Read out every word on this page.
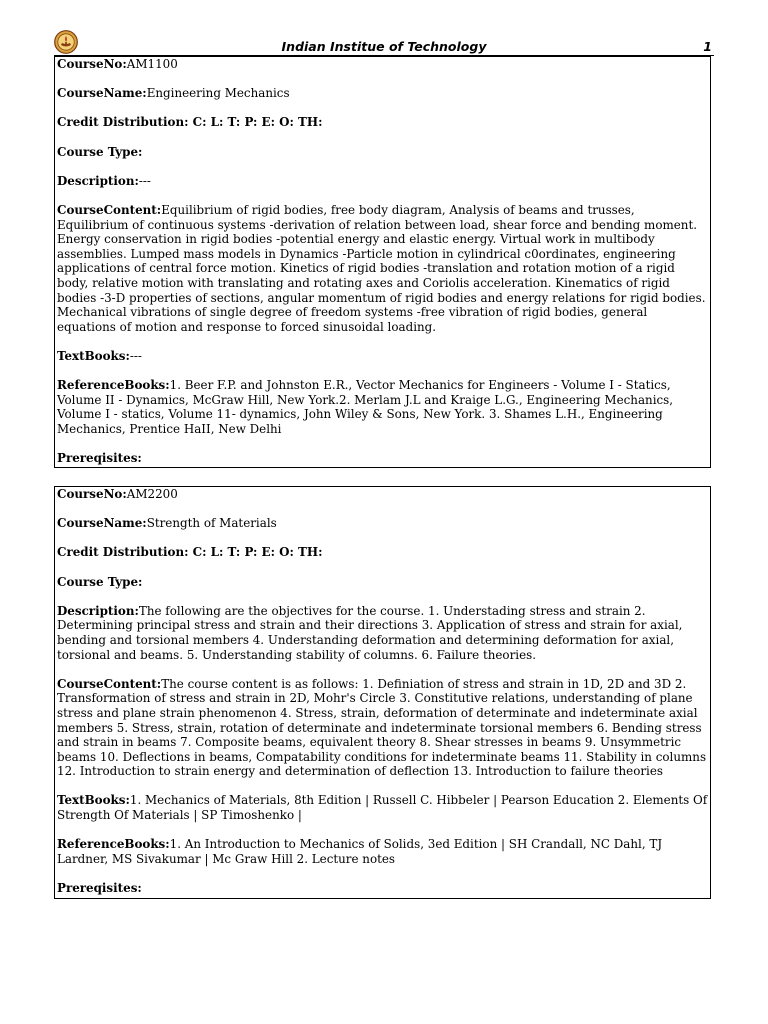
Indian Institue of Technology	1

CourseNo:AM1100

CourseName:Engineering Mechanics

Credit Distribution: C: L: T: P: E: O: TH:

Course Type:

Description:---

CourseContent:Equilibrium of rigid bodies, free body diagram, Analysis of beams and trusses, Equilibrium of continuous systems -derivation of relation between load, shear force and bending moment. Energy conservation in rigid bodies -potential energy and elastic energy. Virtual work in multibody assemblies. Lumped mass models in Dynamics -Particle motion in cylindrical c0ordinates, engineering applications of central force motion. Kinetics of rigid bodies -translation and rotation motion of a rigid body, relative motion with translating and rotating axes and Coriolis acceleration. Kinematics of rigid bodies -3-D properties of sections, angular momentum of rigid bodies and energy relations for rigid bodies. Mechanical vibrations of single degree of freedom systems -free vibration of rigid bodies, general equations of motion and response to forced sinusoidal loading.

TextBooks:---

ReferenceBooks:1. Beer F.P. and Johnston E.R., Vector Mechanics for Engineers - Volume I - Statics, Volume II - Dynamics, McGraw Hill, New York.2. Merlam J.L and Kraige L.G., Engineering Mechanics, Volume I - statics, Volume 11- dynamics, John Wiley & Sons, New York. 3. Shames L.H., Engineering Mechanics, Prentice HaII, New Delhi

Prereqisites:

CourseNo:AM2200

CourseName:Strength of Materials

Credit Distribution: C: L: T: P: E: O: TH:

Course Type:

Description:The following are the objectives for the course. 1. Understading stress and strain 2. Determining principal stress and strain and their directions 3. Application of stress and strain for axial, bending and torsional members 4. Understanding deformation and determining deformation for axial, torsional and beams. 5. Understanding stability of columns. 6. Failure theories.

CourseContent:The course content is as follows: 1. Definiation of stress and strain in 1D, 2D and 3D 2. Transformation of stress and strain in 2D, Mohr's Circle 3. Constitutive relations, understanding of plane stress and plane strain phenomenon 4. Stress, strain, deformation of determinate and indeterminate axial members 5. Stress, strain, rotation of determinate and indeterminate torsional members 6. Bending stress and strain in beams 7. Composite beams, equivalent theory 8. Shear stresses in beams 9. Unsymmetric beams 10. Deflections in beams, Compatability conditions for indeterminate beams 11. Stability in columns 12. Introduction to strain energy and determination of deflection 13. Introduction to failure theories

TextBooks:1. Mechanics of Materials, 8th Edition | Russell C. Hibbeler | Pearson Education 2. Elements Of Strength Of Materials | SP Timoshenko |

ReferenceBooks:1. An Introduction to Mechanics of Solids, 3ed Edition | SH Crandall, NC Dahl, TJ Lardner, MS Sivakumar | Mc Graw Hill 2. Lecture notes

Prereqisites:
